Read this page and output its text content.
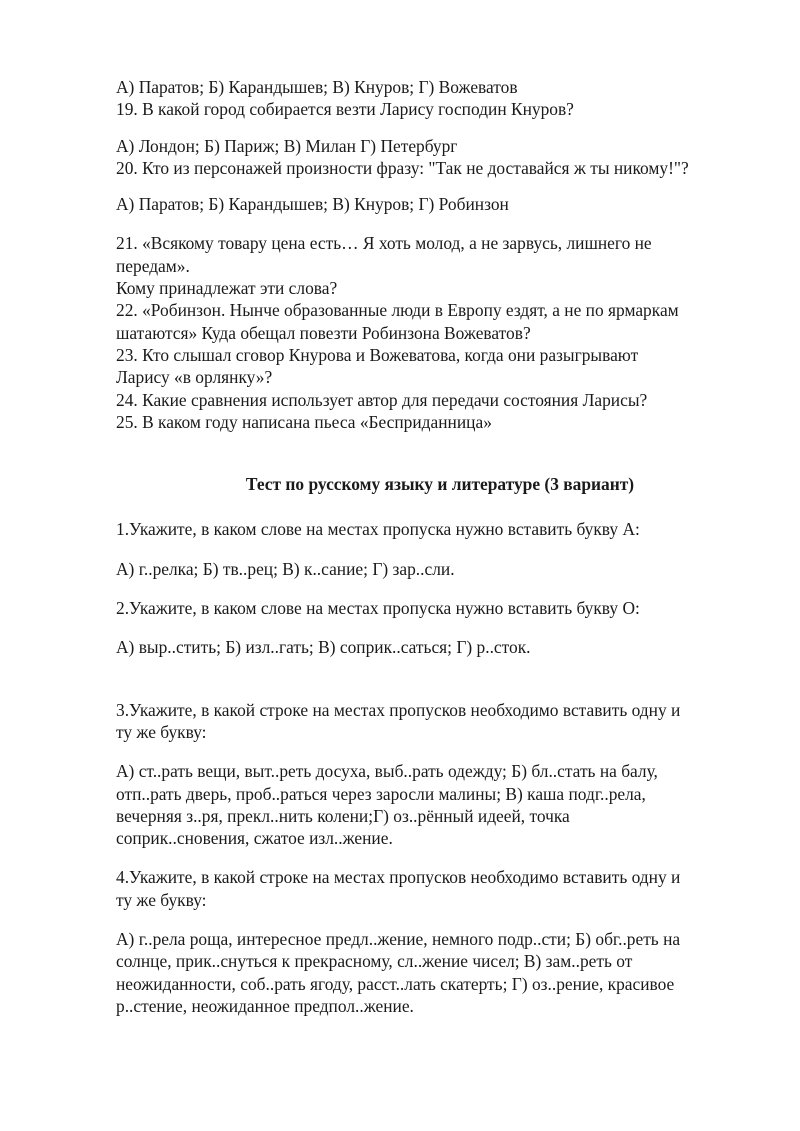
А) Паратов; Б) Карандышев; В) Кнуров; Г) Вожеватов
19. В какой город собирается везти Ларису господин Кнуров?
А) Лондон; Б) Париж; В) Милан Г) Петербург
20. Кто из персонажей произности фразу: "Так не доставайся ж ты никому!"?
А) Паратов; Б) Карандышев; В) Кнуров; Г) Робинзон
21. «Всякому товару цена есть… Я хоть молод, а не зарвусь, лишнего не
передам».
Кому принадлежат эти слова?
22. «Робинзон. Нынче образованные люди в Европу ездят, а не по ярмаркам
шатаются» Куда обещал повезти Робинзона Вожеватов?
23. Кто слышал сговор Кнурова и Вожеватова, когда они разыгрывают
Ларису «в орлянку»?
24. Какие сравнения использует автор для передачи состояния Ларисы?
25. В каком году написана пьеса «Бесприданница»
Тест по русскому языку и литературе (3 вариант)
1.Укажите, в каком слове на местах пропуска нужно вставить букву А:
А) г..релка; Б) тв..рец; В) к..сание; Г) зар..сли.
2.Укажите, в каком слове на местах пропуска нужно вставить букву О:
А) выр..стить; Б) изл..гать; В) соприк..саться; Г) р..сток.
3.Укажите, в какой строке на местах пропусков необходимо вставить одну и
ту же букву:
А) ст..рать вещи, выт..реть досуха, выб..рать одежду; Б) бл..стать на балу,
отп..рать дверь, проб..раться через заросли малины; В) каша подг..рела,
вечерняя з..ря, прекл..нить колени;Г) оз..рённый идеей, точка
соприк..сновения, сжатое изл..жение.
4.Укажите, в какой строке на местах пропусков необходимо вставить одну и
ту же букву:
А) г..рела роща, интересное предл..жение, немного подр..сти; Б) обг..реть на
солнце, прик..снуться к прекрасному, сл..жение чисел; В) зам..реть от
неожиданности, соб..рать ягоду, расст..лать скатерть; Г) оз..рение, красивое
р..стение, неожиданное предпол..жение.
